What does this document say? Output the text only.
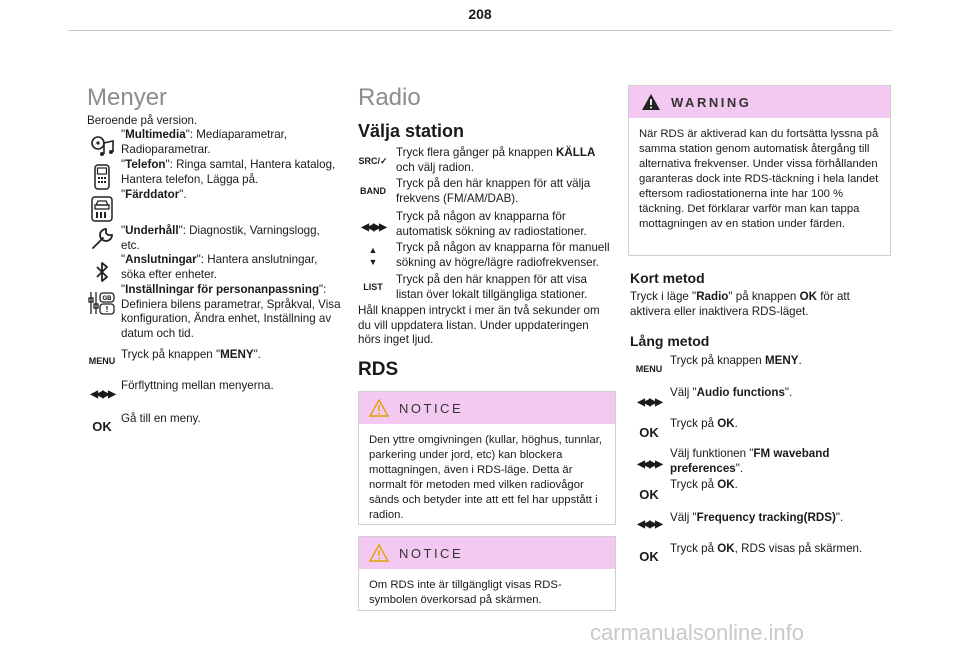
208
Menyer
Beroende på version.
"Multimedia": Mediaparametrar, Radioparametrar.
"Telefon": Ringa samtal, Hantera katalog, Hantera telefon, Lägga på.
"Färddator".
"Underhåll": Diagnostik, Varningslogg, etc.
"Anslutningar": Hantera anslutningar, söka efter enheter.
GB
!
"Inställningar för personanpassning": Definiera bilens parametrar, Språkval, Visa konfiguration, Ändra enhet, Inställning av datum och tid.
MENU Tryck på knappen "MENY".
◀◀ ▶▶
Förflyttning mellan menyerna.
OK
Gå till en meny.
Radio
Välja station
SRC/✓
Tryck flera gånger på knappen KÄLLA och välj radion.
BAND
Tryck på den här knappen för att välja frekvens (FM/AM/DAB).
◀◀ ▶▶
Tryck på någon av knapparna för automatisk sökning av radiostationer.
▲
▼
Tryck på någon av knapparna för manuell sökning av högre/lägre radiofrekvenser.
LIST
Tryck på den här knappen för att visa listan över lokalt tillgängliga stationer.
Håll knappen intryckt i mer än två sekunder om du vill uppdatera listan. Under uppdateringen hörs inget ljud.
RDS
NOTICE
Den yttre omgivningen (kullar, höghus, tunnlar, parkering under jord, etc) kan blockera mottagningen, även i RDS-läge. Detta är normalt för metoden med vilken radiovågor sänds och betyder inte att ett fel har uppstått i radion.
NOTICE
Om RDS inte är tillgängligt visas RDS-symbolen överkorsad på skärmen.
WARNING
När RDS är aktiverad kan du fortsätta lyssna på samma station genom automatisk återgång till alternativa frekvenser. Under vissa förhållanden garanteras dock inte RDS-täckning i hela landet eftersom radiostationerna inte har 100 % täckning. Det förklarar varför man kan tappa mottagningen av en station under färden.
Kort metod
Tryck i läge "Radio" på knappen OK för att aktivera eller inaktivera RDS-läget.
Lång metod
MENU
Tryck på knappen MENY.
◀◀ ▶▶
Välj "Audio functions".
OK
Tryck på OK.
◀◀ ▶▶
Välj funktionen "FM waveband preferences".
OK
Tryck på OK.
◀◀ ▶▶
Välj "Frequency tracking(RDS)".
OK
Tryck på OK, RDS visas på skärmen.
carmanualsonline.info
